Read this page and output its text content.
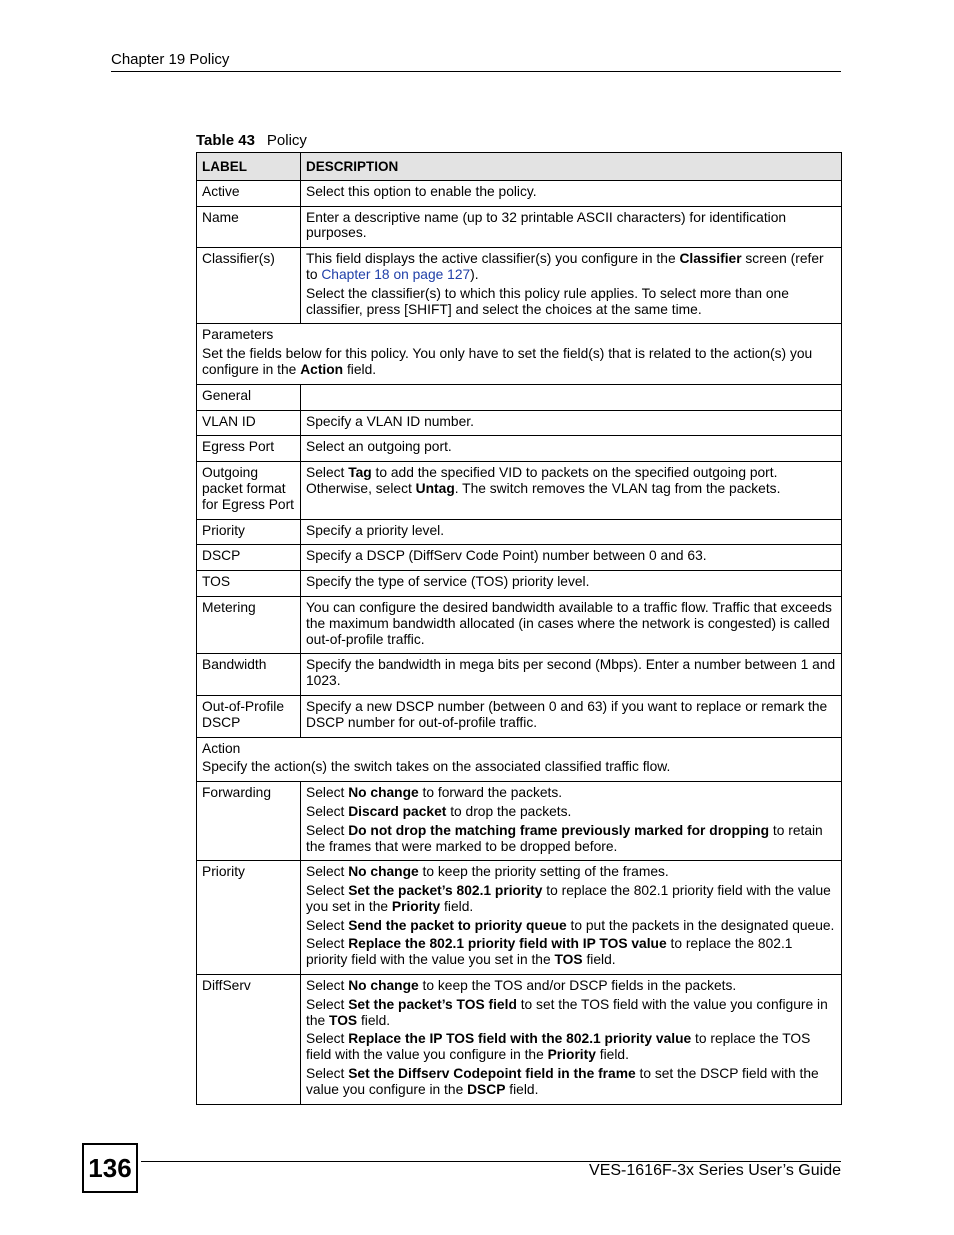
Chapter 19 Policy
Table 43 Policy
LABEL	DESCRIPTION
Active	Select this option to enable the policy.
Name	Enter a descriptive name (up to 32 printable ASCII characters) for identification purposes.
Classifier(s)	This field displays the active classifier(s) you configure in the Classifier screen (refer to Chapter 18 on page 127).

Select the classifier(s) to which this policy rule applies. To select more than one classifier, press [SHIFT] and select the choices at the same time.

Parameters

Set the fields below for this policy. You only have to set the field(s) that is related to the action(s) you configure in the Action field.	

General	
VLAN ID	Specify a VLAN ID number.
Egress Port	Select an outgoing port.
Outgoing packet format for Egress Port	Select Tag to add the specified VID to packets on the specified outgoing port. Otherwise, select Untag. The switch removes the VLAN tag from the packets.
Priority	Specify a priority level.
DSCP	Specify a DSCP (DiffServ Code Point) number between 0 and 63.
TOS	Specify the type of service (TOS) priority level.
Metering	You can configure the desired bandwidth available to a traffic flow. Traffic that exceeds the maximum bandwidth allocated (in cases where the network is congested) is called out-of-profile traffic.
Bandwidth	Specify the bandwidth in mega bits per second (Mbps). Enter a number between 1 and 1023.
Out-of-Profile DSCP	Specify a new DSCP number (between 0 and 63) if you want to replace or remark the DSCP number for out-of-profile traffic.

Action

Specify the action(s) the switch takes on the associated classified traffic flow.	

Forwarding	Select No change to forward the packets.

Select Discard packet to drop the packets.

Select Do not drop the matching frame previously marked for dropping to retain the frames that were marked to be dropped before.

Priority	Select No change to keep the priority setting of the frames.

Select Set the packet’s 802.1 priority to replace the 802.1 priority field with the value you set in the Priority field.

Select Send the packet to priority queue to put the packets in the designated queue.

Select Replace the 802.1 priority field with IP TOS value to replace the 802.1 priority field with the value you set in the TOS field.

DiffServ	Select No change to keep the TOS and/or DSCP fields in the packets.

Select Set the packet’s TOS field to set the TOS field with the value you configure in the TOS field.

Select Replace the IP TOS field with the 802.1 priority value to replace the TOS field with the value you configure in the Priority field.

Select Set the Diffserv Codepoint field in the frame to set the DSCP field with the value you configure in the DSCP field.

136	VES-1616F-3x Series User’s Guide
